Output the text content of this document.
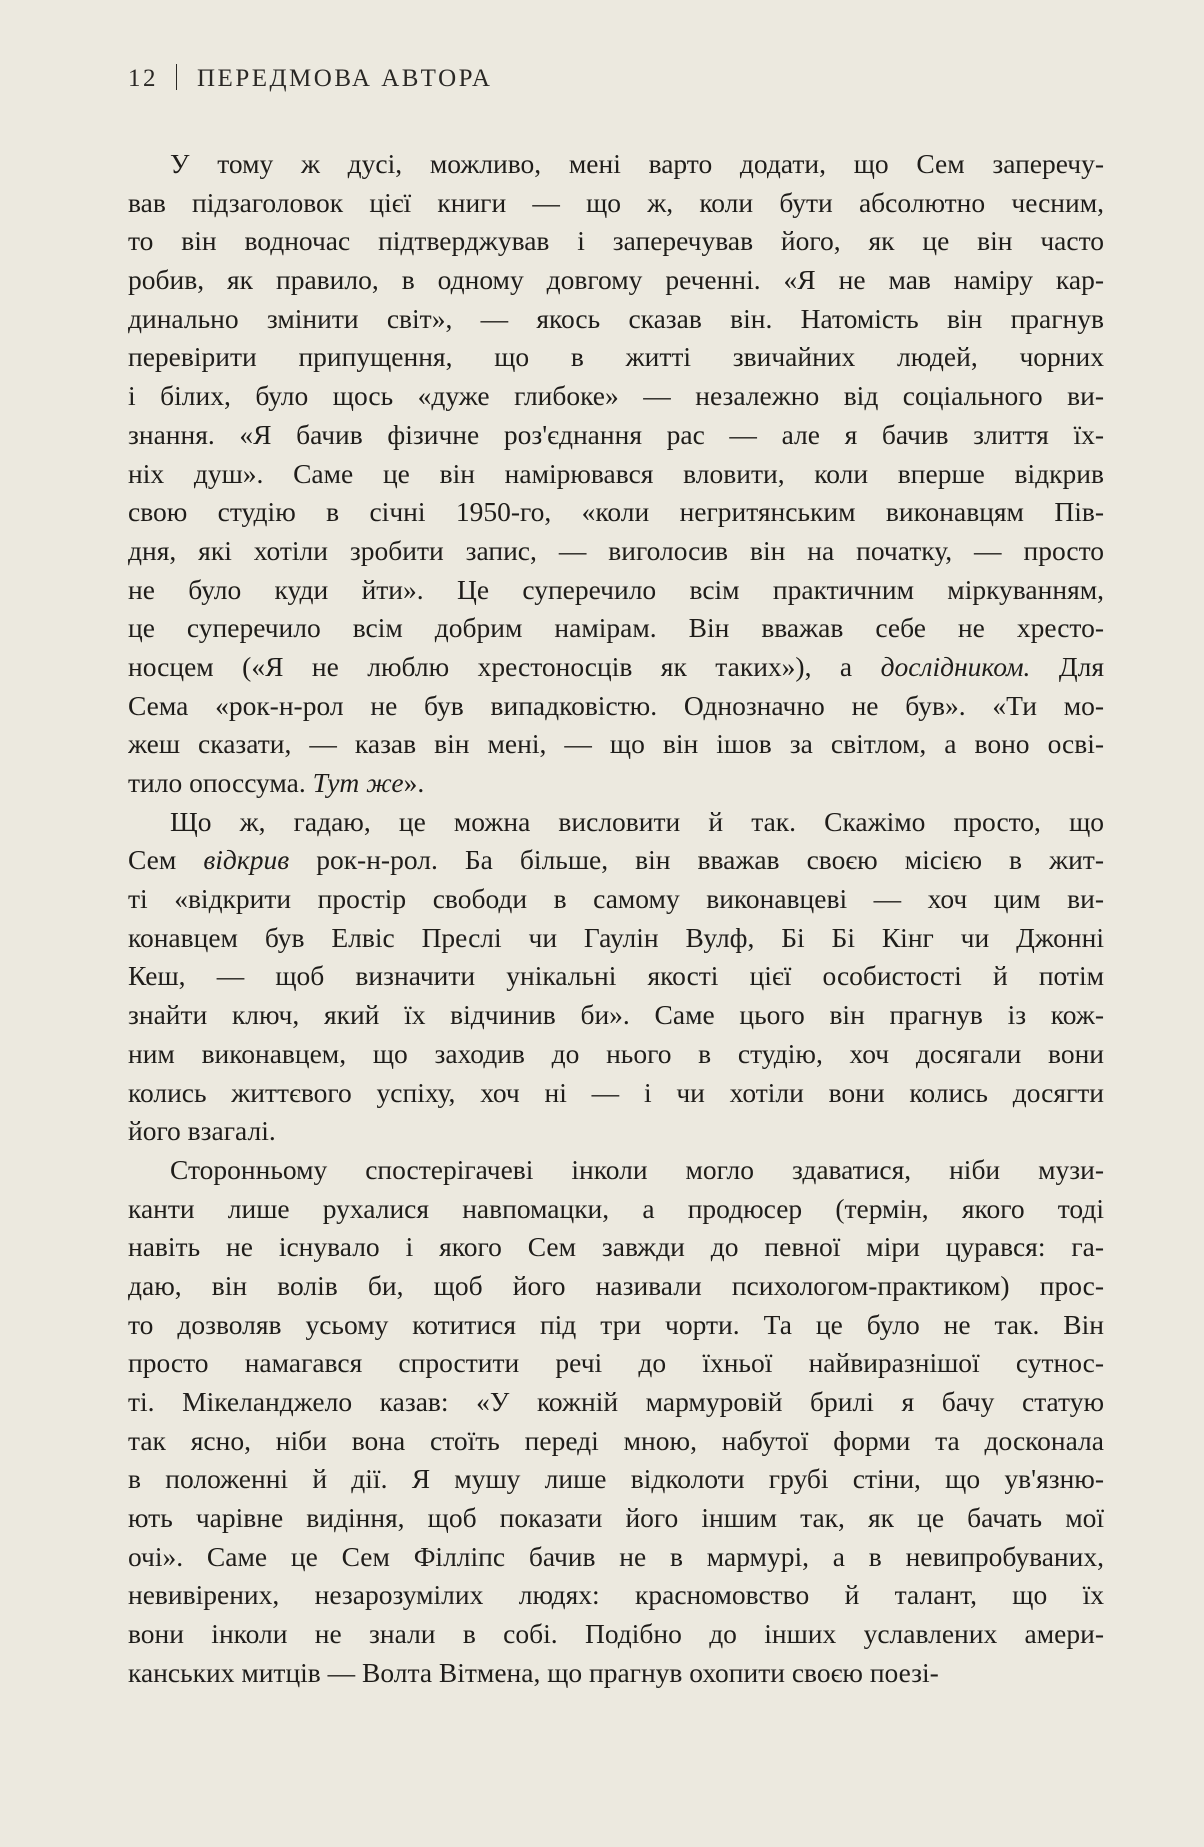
12 ПЕРЕДМОВА АВТОРА
У тому ж дусі, можливо, мені варто додати, що Сем заперечу-
вав підзаголовок цієї книги — що ж, коли бути абсолютно чесним,
то він водночас підтверджував і заперечував його, як це він часто
робив, як правило, в одному довгому реченні. «Я не мав наміру кар-
динально змінити світ», — якось сказав він. Натомість він прагнув
перевірити припущення, що в житті звичайних людей, чорних
і білих, було щось «дуже глибоке» — незалежно від соціального ви-
знання. «Я бачив фізичне роз'єднання рас — але я бачив злиття їх-
ніх душ». Саме це він намірювався вловити, коли вперше відкрив
свою студію в січні 1950-го, «коли негритянським виконавцям Пів-
дня, які хотіли зробити запис, — виголосив він на початку, — просто
не було куди йти». Це суперечило всім практичним міркуванням,
це суперечило всім добрим намірам. Він вважав себе не хресто-
носцем («Я не люблю хрестоносців як таких»), а дослідником. Для
Сема «рок-н-рол не був випадковістю. Однозначно не був». «Ти мо-
жеш сказати, — казав він мені, — що він ішов за світлом, а воно осві-
тило опоссума. Тут же».
Що ж, гадаю, це можна висловити й так. Скажімо просто, що
Сем відкрив рок-н-рол. Ба більше, він вважав своєю місією в жит-
ті «відкрити простір свободи в самому виконавцеві — хоч цим ви-
конавцем був Елвіс Преслі чи Гаулін Вулф, Бі Бі Кінг чи Джонні
Кеш, — щоб визначити унікальні якості цієї особистості й потім
знайти ключ, який їх відчинив би». Саме цього він прагнув із кож-
ним виконавцем, що заходив до нього в студію, хоч досягали вони
колись життєвого успіху, хоч ні — і чи хотіли вони колись досягти
його взагалі.
Сторонньому спостерігачеві інколи могло здаватися, ніби музи-
канти лише рухалися навпомацки, а продюсер (термін, якого тоді
навіть не існувало і якого Сем завжди до певної міри цурався: га-
даю, він волів би, щоб його називали психологом-практиком) прос-
то дозволяв усьому котитися під три чорти. Та це було не так. Він
просто намагався спростити речі до їхньої найвиразнішої сутнос-
ті. Мікеланджело казав: «У кожній мармуровій брилі я бачу статую
так ясно, ніби вона стоїть переді мною, набутої форми та досконала
в положенні й дії. Я мушу лише відколоти грубі стіни, що ув'язню-
ють чарівне видіння, щоб показати його іншим так, як це бачать мої
очі». Саме це Сем Філліпс бачив не в мармурі, а в невипробуваних,
невивірених, незарозумілих людях: красномовство й талант, що їх
вони інколи не знали в собі. Подібно до інших уславлених амери-
канських митців — Волта Вітмена, що прагнув охопити своєю поезі-
